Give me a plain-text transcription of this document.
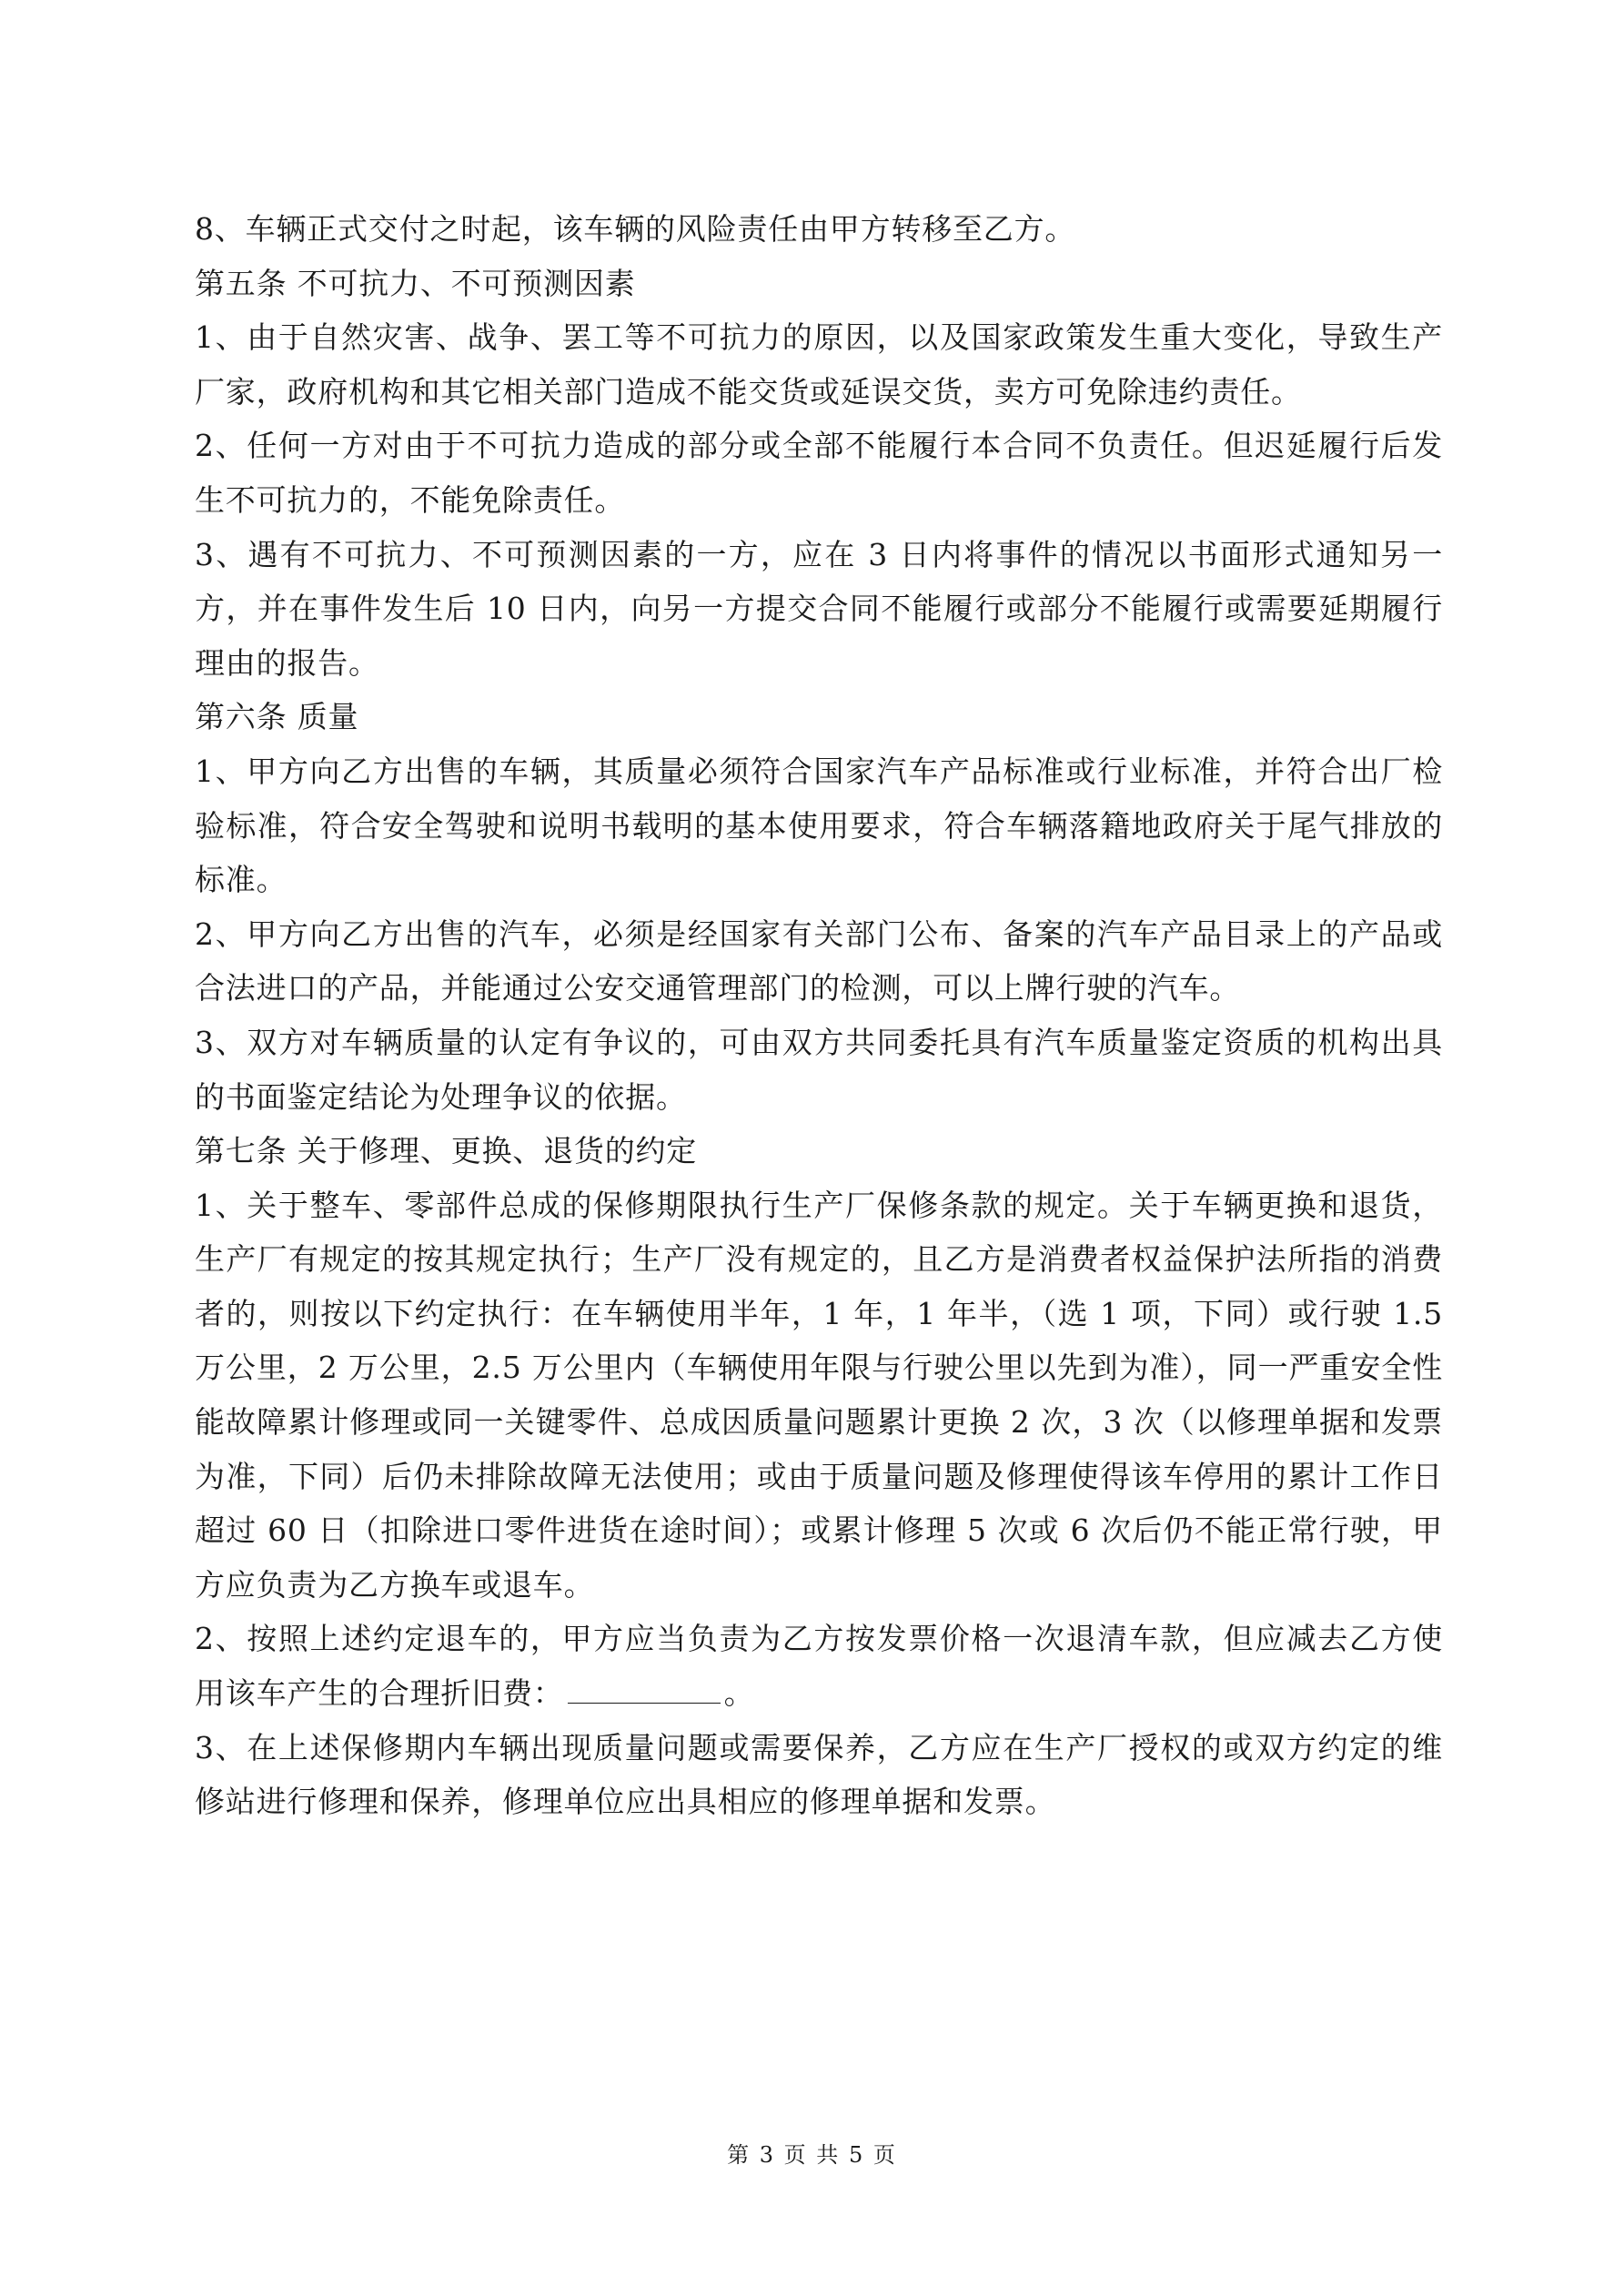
8、车辆正式交付之时起，该车辆的风险责任由甲方转移至乙方。

第五条 不可抗力、不可预测因素

1、由于自然灾害、战争、罢工等不可抗力的原因，以及国家政策发生重大变化，导致生产厂家，政府机构和其它相关部门造成不能交货或延误交货，卖方可免除违约责任。

2、任何一方对由于不可抗力造成的部分或全部不能履行本合同不负责任。但迟延履行后发生不可抗力的，不能免除责任。

3、遇有不可抗力、不可预测因素的一方，应在 3 日内将事件的情况以书面形式通知另一方，并在事件发生后 10 日内，向另一方提交合同不能履行或部分不能履行或需要延期履行理由的报告。

第六条 质量

1、甲方向乙方出售的车辆，其质量必须符合国家汽车产品标准或行业标准，并符合出厂检验标准，符合安全驾驶和说明书载明的基本使用要求，符合车辆落籍地政府关于尾气排放的标准。

2、甲方向乙方出售的汽车，必须是经国家有关部门公布、备案的汽车产品目录上的产品或合法进口的产品，并能通过公安交通管理部门的检测，可以上牌行驶的汽车。

3、双方对车辆质量的认定有争议的，可由双方共同委托具有汽车质量鉴定资质的机构出具的书面鉴定结论为处理争议的依据。

第七条 关于修理、更换、退货的约定

1、关于整车、零部件总成的保修期限执行生产厂保修条款的规定。关于车辆更换和退货，生产厂有规定的按其规定执行；生产厂没有规定的，且乙方是消费者权益保护法所指的消费者的，则按以下约定执行：在车辆使用半年，1 年，1 年半，（选 1 项，下同）或行驶 1.5 万公里，2 万公里，2.5 万公里内（车辆使用年限与行驶公里以先到为准），同一严重安全性能故障累计修理或同一关键零件、总成因质量问题累计更换 2 次，3 次（以修理单据和发票为准，下同）后仍未排除故障无法使用；或由于质量问题及修理使得该车停用的累计工作日超过 60 日（扣除进口零件进货在途时间）；或累计修理 5 次或 6 次后仍不能正常行驶，甲方应负责为乙方换车或退车。

2、按照上述约定退车的，甲方应当负责为乙方按发票价格一次退清车款，但应减去乙方使用该车产生的合理折旧费：	。

3、在上述保修期内车辆出现质量问题或需要保养，乙方应在生产厂授权的或双方约定的维修站进行修理和保养，修理单位应出具相应的修理单据和发票。

第 3 页 共 5 页
